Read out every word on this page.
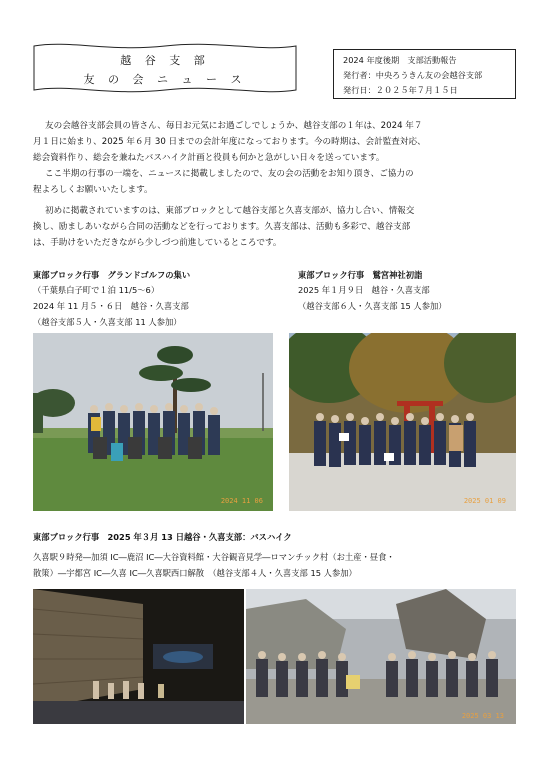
越 谷 支 部
友 の 会 ニ ュ ー ス
2024 年度後期　支部活動報告
発行者：中央ろうきん友の会越谷支部
発行日：２０２５年７月１５日
友の会越谷支部会員の皆さん、毎日お元気にお過ごしでしょうか、越谷支部の１年は、2024 年７
月１日に始まり、2025 年６月 30 日までの会計年度になっております。今の時期は、会計監査対応、
総会資料作り、総会を兼ねたバスハイク計画と役員も何かと急がしい日々を送っています。
ここ半期の行事の一端を、ニュースに掲載しましたので、友の会の活動をお知り頂き、ご協力の
程よろしくお願いいたします。
初めに掲載されていますのは、東部ブロックとして越谷支部と久喜支部が、協力し合い、情報交
換し、励ましあいながら合同の活動などを行っております。久喜支部は、活動も多彩で、越谷支部
は、手助けをいただきながら少しづつ前進しているところです。
東部ブロック行事　グランドゴルフの集い
（千葉県白子町で１泊 11/5～6）
2024 年 11 月５・６日　越谷・久喜支部
（越谷支部５人・久喜支部 11 人参加）
東部ブロック行事　鷲宮神社初詣
2025 年１月９日　越谷・久喜支部
（越谷支部６人・久喜支部 15 人参加）
2024 11 06	2025 01 09
東部ブロック行事　2025 年３月 13 日越谷・久喜支部：バスハイク
久喜駅９時発―加須 IC―鹿沼 IC―大谷資料館・大谷観音見学―ロマンチック村（お土産・昼食・
散策）―宇都宮 IC―久喜 IC―久喜駅西口解散　（越谷支部４人・久喜支部 15 人参加）
2025 03 13
